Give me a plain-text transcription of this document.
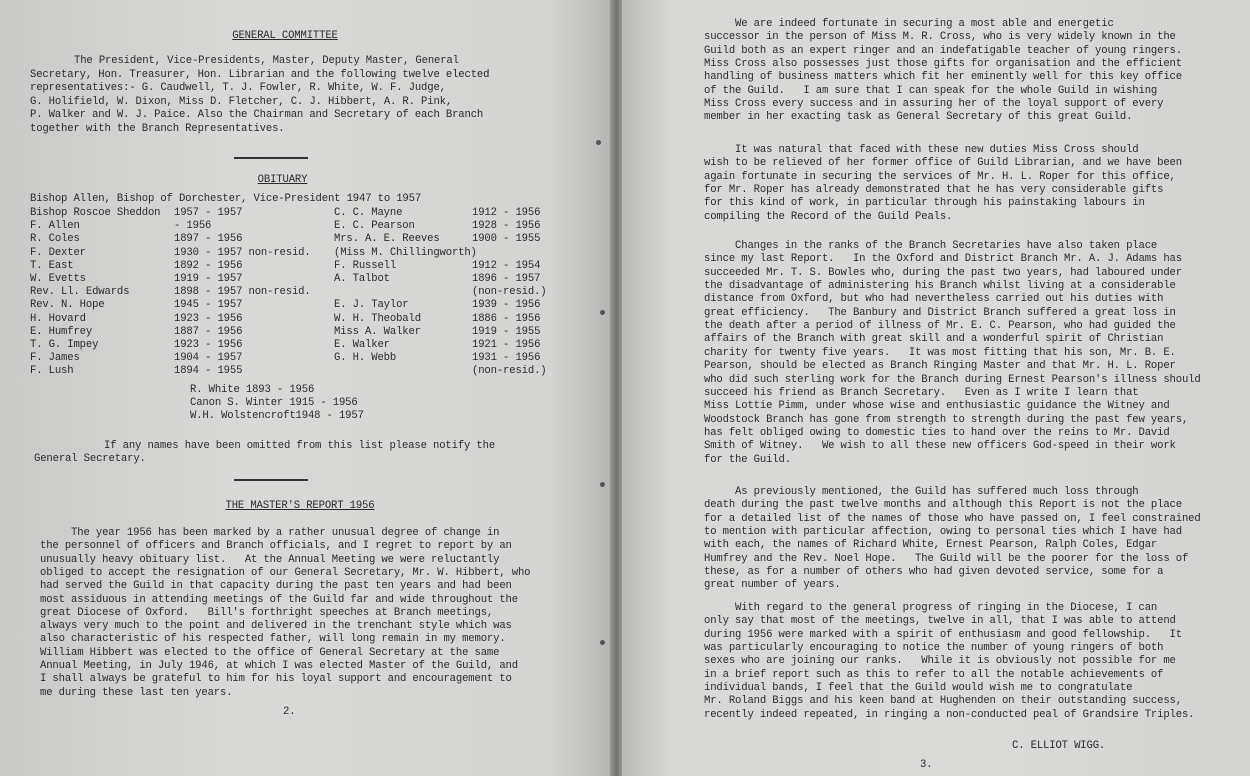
GENERAL COMMITTEE
The President, Vice-Presidents, Master, Deputy Master, General
Secretary, Hon. Treasurer, Hon. Librarian and the following twelve elected
representatives:- G. Caudwell, T. J. Fowler, R. White, W. F. Judge,
G. Holifield, W. Dixon, Miss D. Fletcher, C. J. Hibbert, A. R. Pink,
P. Walker and W. J. Paice. Also the Chairman and Secretary of each Branch
together with the Branch Representatives.
OBITUARY
Bishop Allen, Bishop of Dorchester, Vice-President 1947 to 1957
Bishop Roscoe Sheddon 1957 - 1957
F. Allen	- 1956
R. Coles	1897 - 1956
F. Dexter	1930 - 1957 non-resid.
T. East	1892 - 1956
W. Evetts	1919 - 1957
Rev. Ll. Edwards	1898 - 1957 non-resid.
Rev. N. Hope	1945 - 1957
H. Hovard	1923 - 1956
E. Humfrey	1887 - 1956
T. G. Impey	1923 - 1956
F. James	1904 - 1957
F. Lush	1894 - 1955
C. C. Mayne	1912 - 1956
E. C. Pearson	1928 - 1956
Mrs. A. E. Reeves	1900 - 1955
(Miss M. Chillingworth)
F. Russell	1912 - 1954
A. Talbot	1896 - 1957
(non-resid.)
E. J. Taylor	1939 - 1956
W. H. Theobald	1886 - 1956
Miss A. Walker	1919 - 1955
E. Walker	1921 - 1956
G. H. Webb	1931 - 1956
(non-resid.)
R. White 1893 - 1956
Canon S. Winter 1915 - 1956
W.H. Wolstencroft1948 - 1957
If any names have been omitted from this list please notify the
General Secretary.
THE MASTER'S REPORT 1956
The year 1956 has been marked by a rather unusual degree of change in
the personnel of officers and Branch officials, and I regret to report by an
unusually heavy obituary list.   At the Annual Meeting we were reluctantly
obliged to accept the resignation of our General Secretary, Mr. W. Hibbert, who
had served the Guild in that capacity during the past ten years and had been
most assiduous in attending meetings of the Guild far and wide throughout the
great Diocese of Oxford.   Bill's forthright speeches at Branch meetings,
always very much to the point and delivered in the trenchant style which was
also characteristic of his respected father, will long remain in my memory.
William Hibbert was elected to the office of General Secretary at the same
Annual Meeting, in July 1946, at which I was elected Master of the Guild, and
I shall always be grateful to him for his loyal support and encouragement to
me during these last ten years.
2.
We are indeed fortunate in securing a most able and energetic
successor in the person of Miss M. R. Cross, who is very widely known in the
Guild both as an expert ringer and an indefatigable teacher of young ringers.
Miss Cross also possesses just those gifts for organisation and the efficient
handling of business matters which fit her eminently well for this key office
of the Guild.   I am sure that I can speak for the whole Guild in wishing
Miss Cross every success and in assuring her of the loyal support of every
member in her exacting task as General Secretary of this great Guild.
It was natural that faced with these new duties Miss Cross should
wish to be relieved of her former office of Guild Librarian, and we have been
again fortunate in securing the services of Mr. H. L. Roper for this office,
for Mr. Roper has already demonstrated that he has very considerable gifts
for this kind of work, in particular through his painstaking labours in
compiling the Record of the Guild Peals.
Changes in the ranks of the Branch Secretaries have also taken place
since my last Report.   In the Oxford and District Branch Mr. A. J. Adams has
succeeded Mr. T. S. Bowles who, during the past two years, had laboured under
the disadvantage of administering his Branch whilst living at a considerable
distance from Oxford, but who had nevertheless carried out his duties with
great efficiency.   The Banbury and District Branch suffered a great loss in
the death after a period of illness of Mr. E. C. Pearson, who had guided the
affairs of the Branch with great skill and a wonderful spirit of Christian
charity for twenty five years.   It was most fitting that his son, Mr. B. E.
Pearson, should be elected as Branch Ringing Master and that Mr. H. L. Roper
who did such sterling work for the Branch during Ernest Pearson's illness should
succeed his friend as Branch Secretary.   Even as I write I learn that
Miss Lottie Pimm, under whose wise and enthusiastic guidance the Witney and
Woodstock Branch has gone from strength to strength during the past few years,
has felt obliged owing to domestic ties to hand over the reins to Mr. David
Smith of Witney.   We wish to all these new officers God-speed in their work
for the Guild.
As previously mentioned, the Guild has suffered much loss through
death during the past twelve months and although this Report is not the place
for a detailed list of the names of those who have passed on, I feel constrained
to mention with particular affection, owing to personal ties which I have had
with each, the names of Richard White, Ernest Pearson, Ralph Coles, Edgar
Humfrey and the Rev. Noel Hope.   The Guild will be the poorer for the loss of
these, as for a number of others who had given devoted service, some for a
great number of years.
With regard to the general progress of ringing in the Diocese, I can
only say that most of the meetings, twelve in all, that I was able to attend
during 1956 were marked with a spirit of enthusiasm and good fellowship.   It
was particularly encouraging to notice the number of young ringers of both
sexes who are joining our ranks.   While it is obviously not possible for me
in a brief report such as this to refer to all the notable achievements of
individual bands, I feel that the Guild would wish me to congratulate
Mr. Roland Biggs and his keen band at Hughenden on their outstanding success,
recently indeed repeated, in ringing a non-conducted peal of Grandsire Triples.
C. ELLIOT WIGG.
3.
